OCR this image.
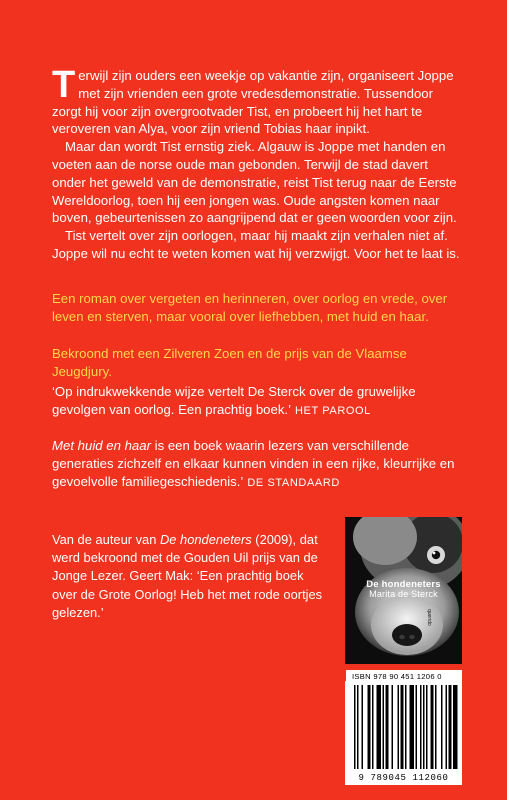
Terwijl zijn ouders een weekje op vakantie zijn, organiseert Joppe met zijn vrienden een grote vredesdemonstratie. Tussendoor zorgt hij voor zijn overgrootvader Tist, en probeert hij het hart te veroveren van Alya, voor zijn vriend Tobias haar inpikt.

Maar dan wordt Tist ernstig ziek. Algauw is Joppe met handen en voeten aan de norse oude man gebonden. Terwijl de stad davert onder het geweld van de demonstratie, reist Tist terug naar de Eerste Wereldoorlog, toen hij een jongen was. Oude angsten komen naar boven, gebeurtenissen zo aangrijpend dat er geen woorden voor zijn.

Tist vertelt over zijn oorlogen, maar hij maakt zijn verhalen niet af. Joppe wil nu echt te weten komen wat hij verzwijgt. Voor het te laat is.

Een roman over vergeten en herinneren, over oorlog en vrede, over leven en sterven, maar vooral over liefhebben, met huid en haar.

Bekroond met een Zilveren Zoen en de prijs van de Vlaamse Jeugdjury.

‘Op indrukwekkende wijze vertelt De Sterck over de gruwelijke gevolgen van oorlog. Een prachtig boek.’ HET PAROOL

Met huid en haar is een boek waarin lezers van verschillende generaties zichzelf en elkaar kunnen vinden in een rijke, kleurrijke en gevoelvolle familiegeschiedenis.’ DE STANDAARD

Van de auteur van De hondeneters (2009), dat werd bekroond met de Gouden Uil prijs van de Jonge Lezer. Geert Mak: ‘Een prachtig boek over de Grote Oorlog! Heb het met rode oortjes gelezen.’

De hondeneters
Marita de Sterck
querido
ISBN 978 90 451 1206 0
9 789045 112060
